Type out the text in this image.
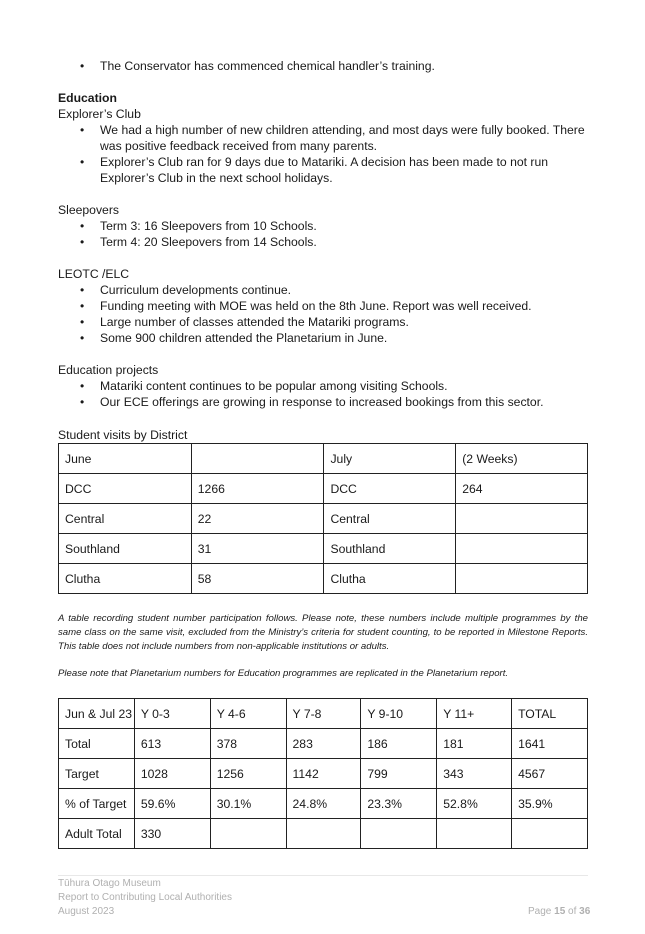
•	The Conservator has commenced chemical handler’s training.
Education
Explorer’s Club
•	We had a high number of new children attending, and most days were fully booked. There
was positive feedback received from many parents.
•	Explorer’s Club ran for 9 days due to Matariki. A decision has been made to not run
Explorer’s Club in the next school holidays.
Sleepovers
•	Term 3: 16 Sleepovers from 10 Schools.
•	Term 4: 20 Sleepovers from 14 Schools.
LEOTC /ELC
•	Curriculum developments continue.
•	Funding meeting with MOE was held on the 8th June. Report was well received.
•	Large number of classes attended the Matariki programs.
•	Some 900 children attended the Planetarium in June.
Education projects
•	Matariki content continues to be popular among visiting Schools.
•	Our ECE offerings are growing in response to increased bookings from this sector.
Student visits by District
June		July	(2 Weeks)
DCC	1266	DCC	264
Central	22	Central	
Southland	31	Southland	
Clutha	58	Clutha	
A table recording student number participation follows. Please note, these numbers include multiple programmes by the same class on the same visit, excluded from the Ministry’s criteria for student counting, to be reported in Milestone Reports. This table does not include numbers from non-applicable institutions or adults.
Please note that Planetarium numbers for Education programmes are replicated in the Planetarium report.
Jun & Jul 23	Y 0-3	Y 4-6	Y 7-8	Y 9-10	Y 11+	TOTAL
Total	613	378	283	186	181	1641
Target	1028	1256	1142	799	343	4567
% of Target	59.6%	30.1%	24.8%	23.3%	52.8%	35.9%
Adult Total	330					
Tūhura Otago Museum
Report to Contributing Local Authorities
August 2023	Page 15 of 36
